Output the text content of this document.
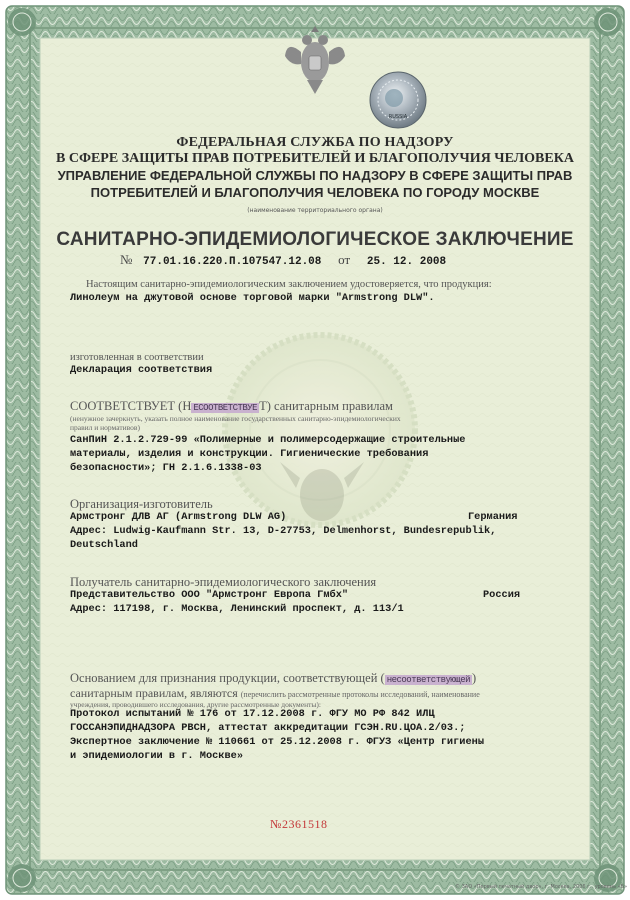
RUSSIA
ФЕДЕРАЛЬНАЯ СЛУЖБА ПО НАДЗОРУ
В СФЕРЕ ЗАЩИТЫ ПРАВ ПОТРЕБИТЕЛЕЙ И БЛАГОПОЛУЧИЯ ЧЕЛОВЕКА
УПРАВЛЕНИЕ ФЕДЕРАЛЬНОЙ СЛУЖБЫ ПО НАДЗОРУ В СФЕРЕ ЗАЩИТЫ ПРАВ
ПОТРЕБИТЕЛЕЙ И БЛАГОПОЛУЧИЯ ЧЕЛОВЕКА ПО ГОРОДУ МОСКВЕ
(наименование территориального органа)
САНИТАРНО-ЭПИДЕМИОЛОГИЧЕСКОЕ ЗАКЛЮЧЕНИЕ
№ 77.01.16.220.П.107547.12.08 от 25. 12. 2008
Настоящим санитарно-эпидемиологическим заключением удостоверяется, что продукция:
Линолеум на джутовой основе торговой марки "Armstrong DLW".
изготовленная в соответствии
Декларация соответствия
СООТВЕТСТВУЕТ (Н ЕСООТВЕТСТВУЕ Т) санитарным правилам
(ненужное зачеркнуть, указать полное наименование государственных санитарно-эпидемиологических
правил и нормативов)
СанПиН 2.1.2.729-99 «Полимерные и полимерсодержащие строительные
материалы, изделия и конструкции. Гигиенические требования
безопасности»; ГН 2.1.6.1338-03
Организация-изготовитель
Армстронг ДЛВ АГ (Armstrong DLW AG)	Германия
Адрес: Ludwig-Kaufmann Str. 13, D-27753, Delmenhorst, Bundesrepublik,
Deutschland
Получатель санитарно-эпидемиологического заключения
Представительство ООО "Армстронг Европа Гмбх"	Россия
Адрес: 117198, г. Москва, Ленинский проспект, д. 113/1
Основанием для признания продукции, соответствующей ( несоответствующей )
санитарным правилам, являются (перечислить рассмотренные протоколы исследований, наименование
учреждения, проводившего исследования, другие рассмотренные документы):
Протокол испытаний № 176 от 17.12.2008 г. ФГУ МО РФ 842 ИЛЦ
ГОССАНЭПИДНАДЗОРА РВСН, аттестат аккредитации ГСЭН.RU.ЦОА.2/03.;
Экспертное заключение № 110661 от 25.12.2008 г. ФГУЗ «Центр гигиены
и эпидемиологии в г. Москве»
№2361518
© ЗАО «Первый печатный двор», г. Москва, 2006 г., уровень «Б»
